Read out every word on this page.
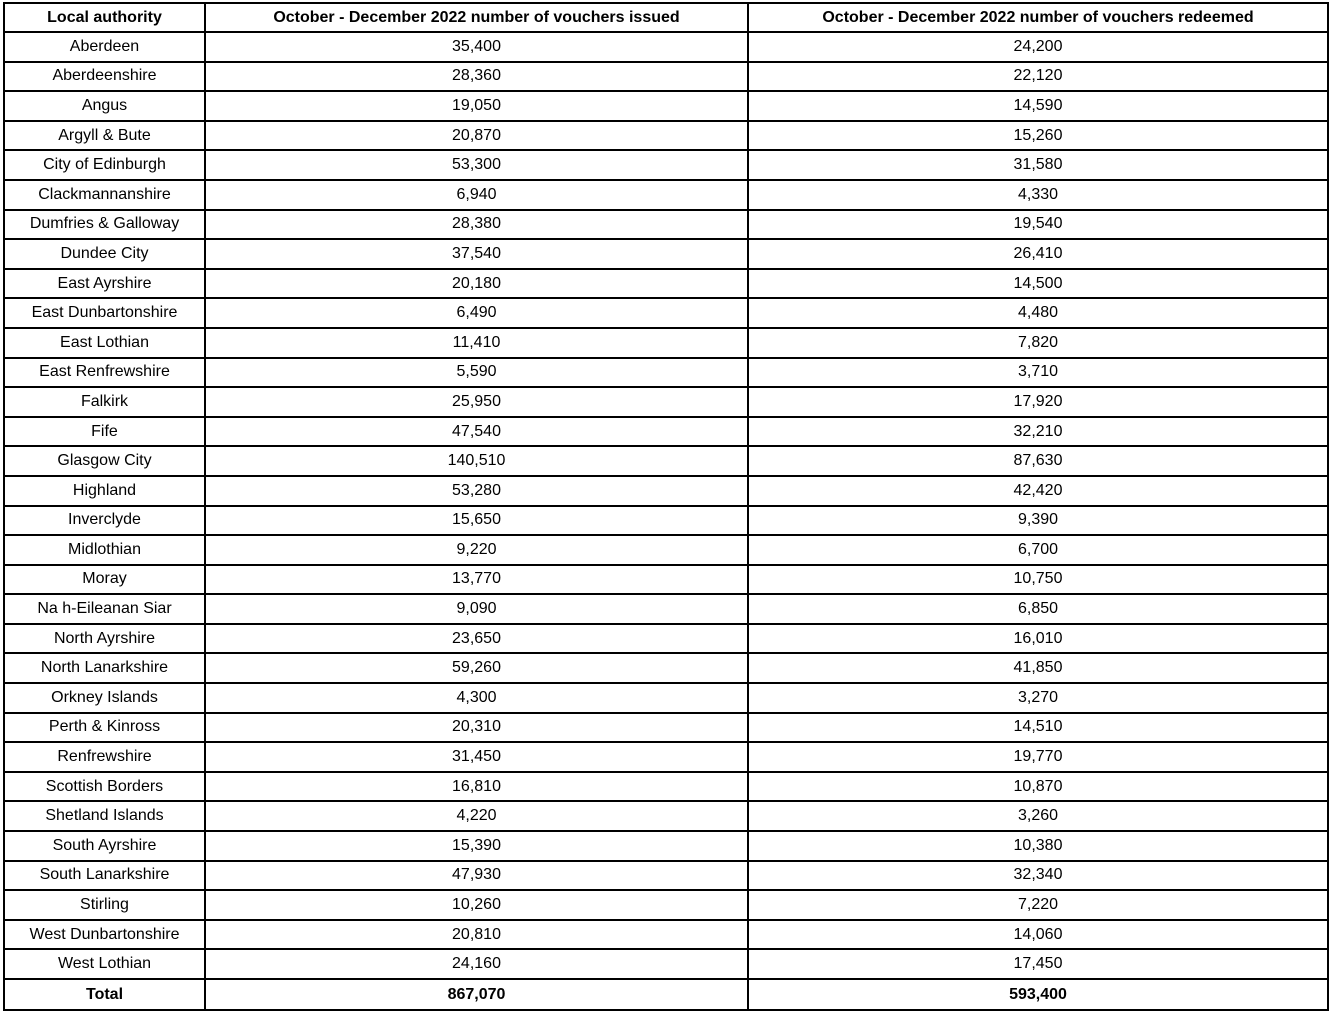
Local authority	October - December 2022 number of vouchers issued	October - December 2022 number of vouchers redeemed
Aberdeen	35,400	24,200
Aberdeenshire	28,360	22,120
Angus	19,050	14,590
Argyll & Bute	20,870	15,260
City of Edinburgh	53,300	31,580
Clackmannanshire	6,940	4,330
Dumfries & Galloway	28,380	19,540
Dundee City	37,540	26,410
East Ayrshire	20,180	14,500
East Dunbartonshire	6,490	4,480
East Lothian	11,410	7,820
East Renfrewshire	5,590	3,710
Falkirk	25,950	17,920
Fife	47,540	32,210
Glasgow City	140,510	87,630
Highland	53,280	42,420
Inverclyde	15,650	9,390
Midlothian	9,220	6,700
Moray	13,770	10,750
Na h-Eileanan Siar	9,090	6,850
North Ayrshire	23,650	16,010
North Lanarkshire	59,260	41,850
Orkney Islands	4,300	3,270
Perth & Kinross	20,310	14,510
Renfrewshire	31,450	19,770
Scottish Borders	16,810	10,870
Shetland Islands	4,220	3,260
South Ayrshire	15,390	10,380
South Lanarkshire	47,930	32,340
Stirling	10,260	7,220
West Dunbartonshire	20,810	14,060
West Lothian	24,160	17,450
Total	867,070	593,400
